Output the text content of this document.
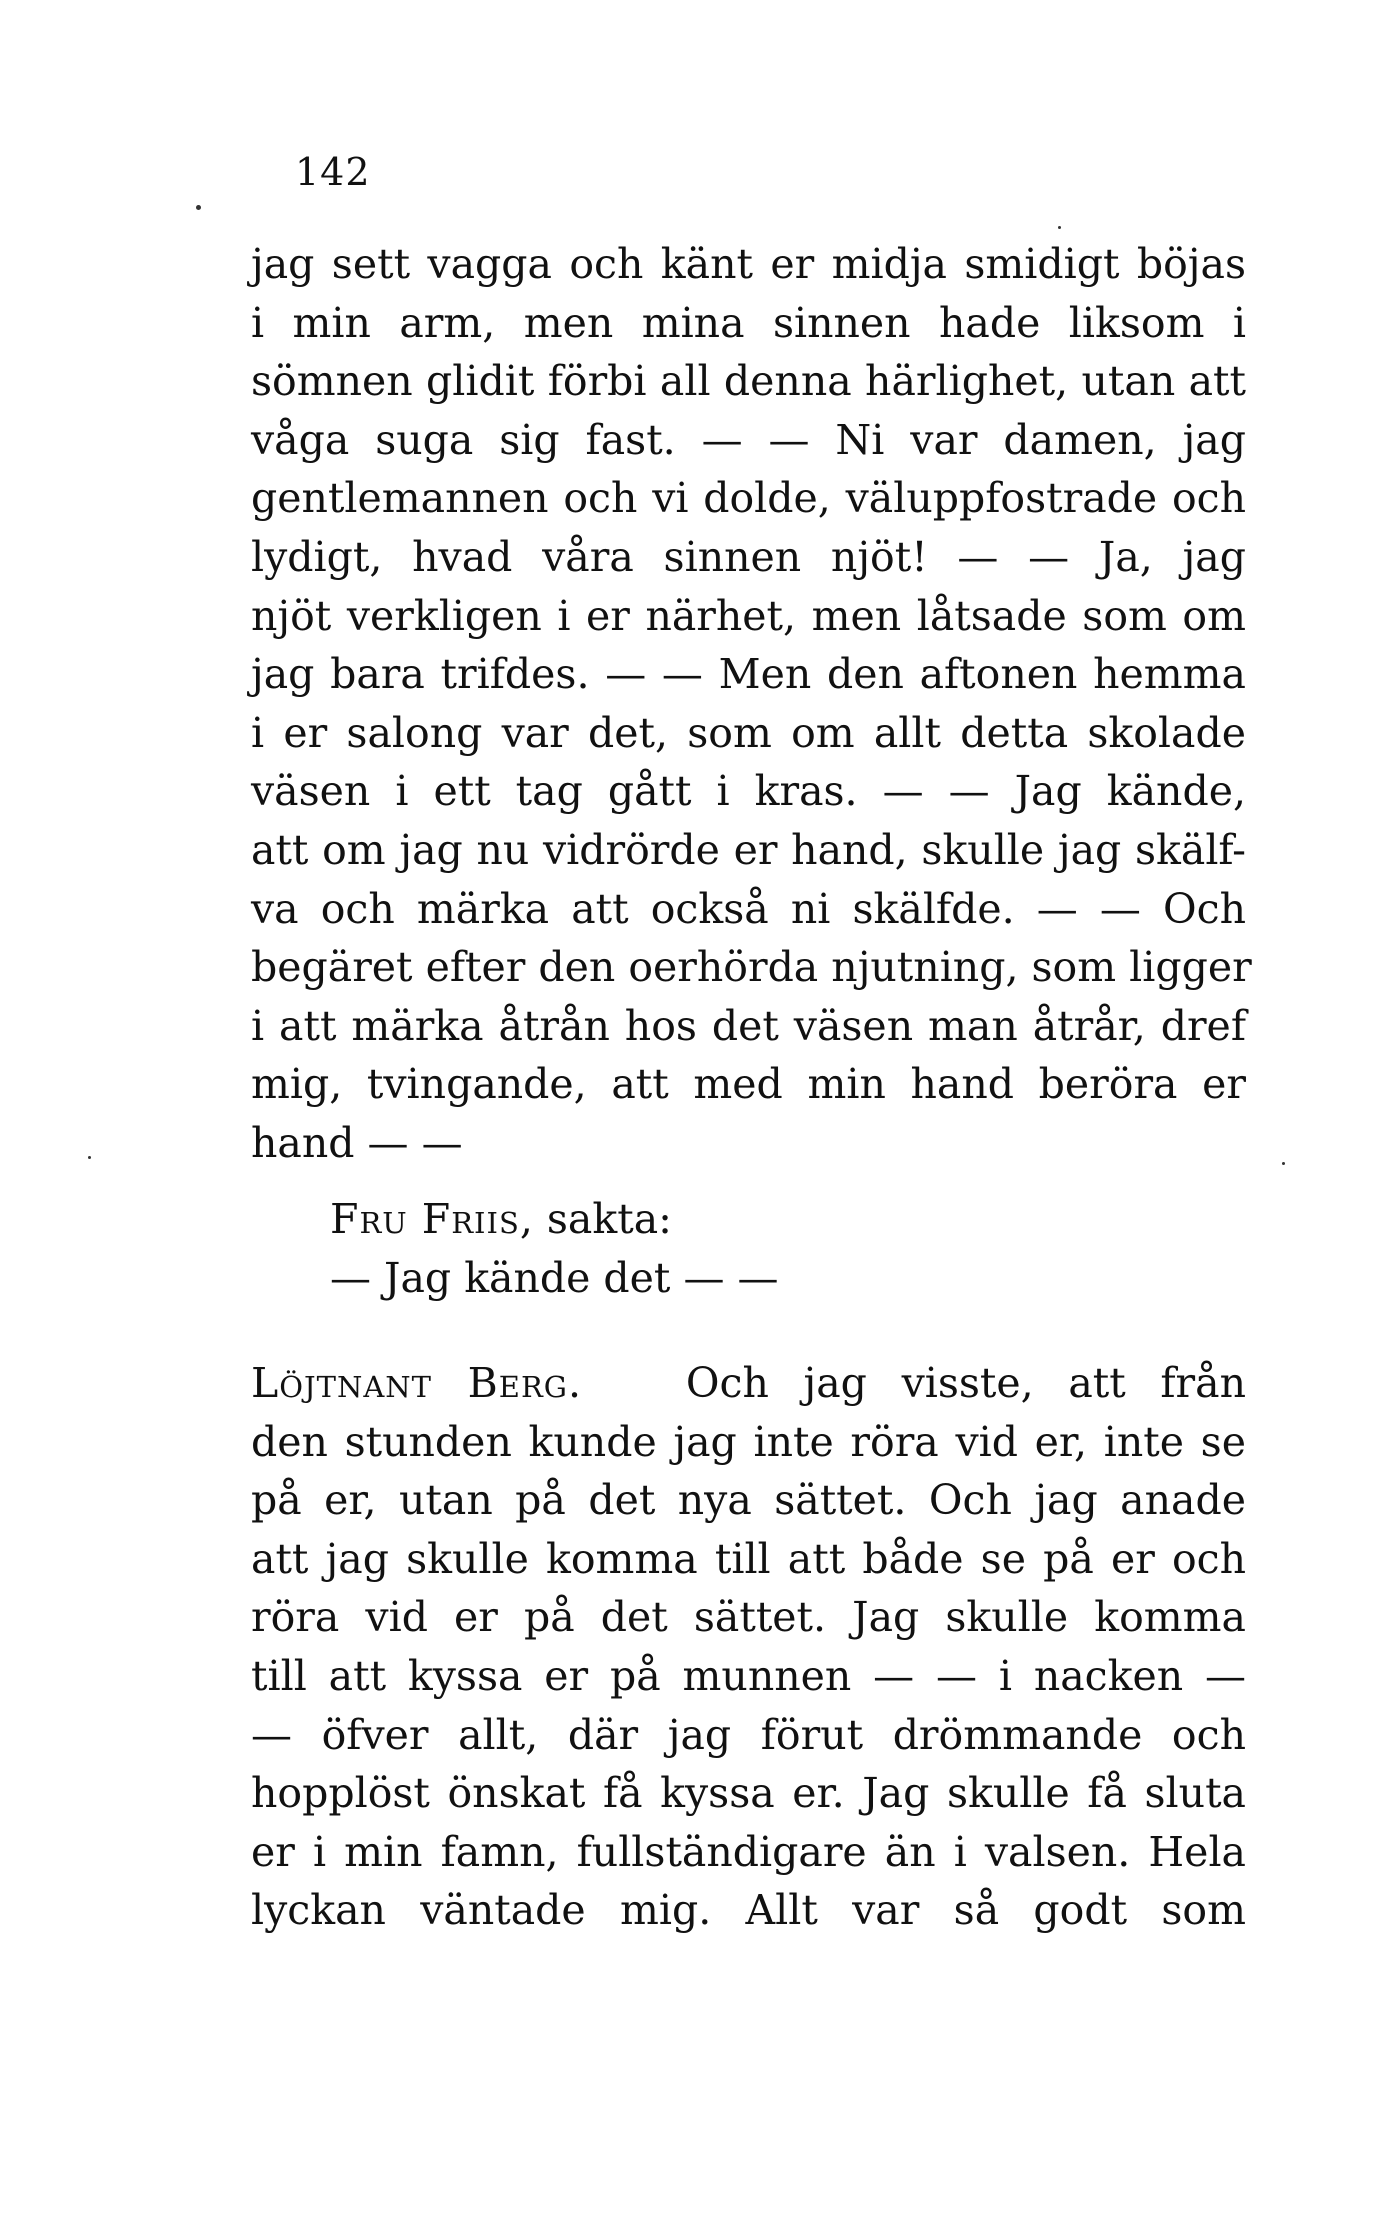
142
jag sett vagga och känt er midja smidigt böjas
i min arm, men mina sinnen hade liksom i
sömnen glidit förbi all denna härlighet, utan att
våga suga sig fast. — — Ni var damen, jag
gentlemannen och vi dolde, väluppfostrade och
lydigt, hvad våra sinnen njöt! — — Ja, jag
njöt verkligen i er närhet, men låtsade som om
jag bara trifdes. — — Men den aftonen hemma
i er salong var det, som om allt detta skolade
väsen i ett tag gått i kras. — — Jag kände,
att om jag nu vidrörde er hand, skulle jag skälf-
va och märka att också ni skälfde. — — Och
begäret efter den oerhörda njutning, som ligger
i att märka åtrån hos det väsen man åtrår, dref
mig, tvingande, att med min hand beröra er
hand — —
Fru Friis, sakta:
— Jag kände det — —
Löjtnant Berg.	Och jag visste, att från
den stunden kunde jag inte röra vid er, inte se
på er, utan på det nya sättet. Och jag anade
att jag skulle komma till att både se på er och
röra vid er på det sättet. Jag skulle komma
till att kyssa er på munnen — — i nacken —
— öfver allt, där jag förut drömmande och
hopplöst önskat få kyssa er. Jag skulle få sluta
er i min famn, fullständigare än i valsen. Hela
lyckan väntade mig. Allt var så godt som
